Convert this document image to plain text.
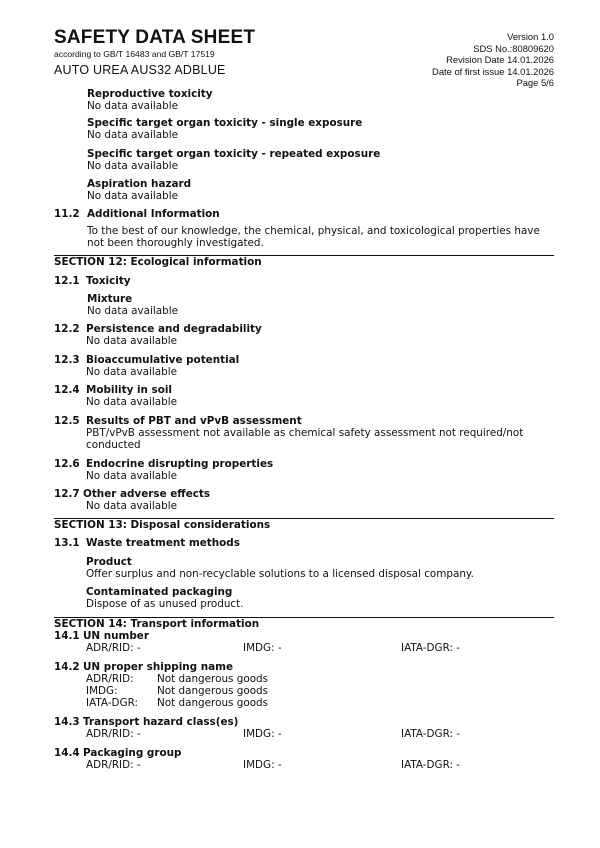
SAFETY DATA SHEET
according to GB/T 16483 and GB/T 17519
AUTO UREA AUS32 ADBLUE
Version 1.0
SDS No.:80809620
Revision Date 14.01.2026
Date of first issue 14.01.2026
Page 5/6
Reproductive toxicity
No data available
Specific target organ toxicity - single exposure
No data available
Specific target organ toxicity - repeated exposure
No data available
Aspiration hazard
No data available
11.2 Additional Information
To the best of our knowledge, the chemical, physical, and toxicological properties have not been thoroughly investigated.
SECTION 12: Ecological information
12.1 Toxicity
Mixture
No data available
12.2 Persistence and degradability
No data available
12.3 Bioaccumulative potential
No data available
12.4 Mobility in soil
No data available
12.5 Results of PBT and vPvB assessment
PBT/vPvB assessment not available as chemical safety assessment not required/not conducted
12.6 Endocrine disrupting properties
No data available
12.7 Other adverse effects
No data available
SECTION 13: Disposal considerations
13.1 Waste treatment methods
Product
Offer surplus and non-recyclable solutions to a licensed disposal company.
Contaminated packaging
Dispose of as unused product.
SECTION 14: Transport information
14.1 UN number
ADR/RID: -	IMDG: -	IATA-DGR: -
14.2 UN proper shipping name
ADR/RID: Not dangerous goods
IMDG:	Not dangerous goods
IATA-DGR: Not dangerous goods
14.3 Transport hazard class(es)
ADR/RID: -	IMDG: -	IATA-DGR: -
14.4 Packaging group
ADR/RID: -	IMDG: -	IATA-DGR: -
